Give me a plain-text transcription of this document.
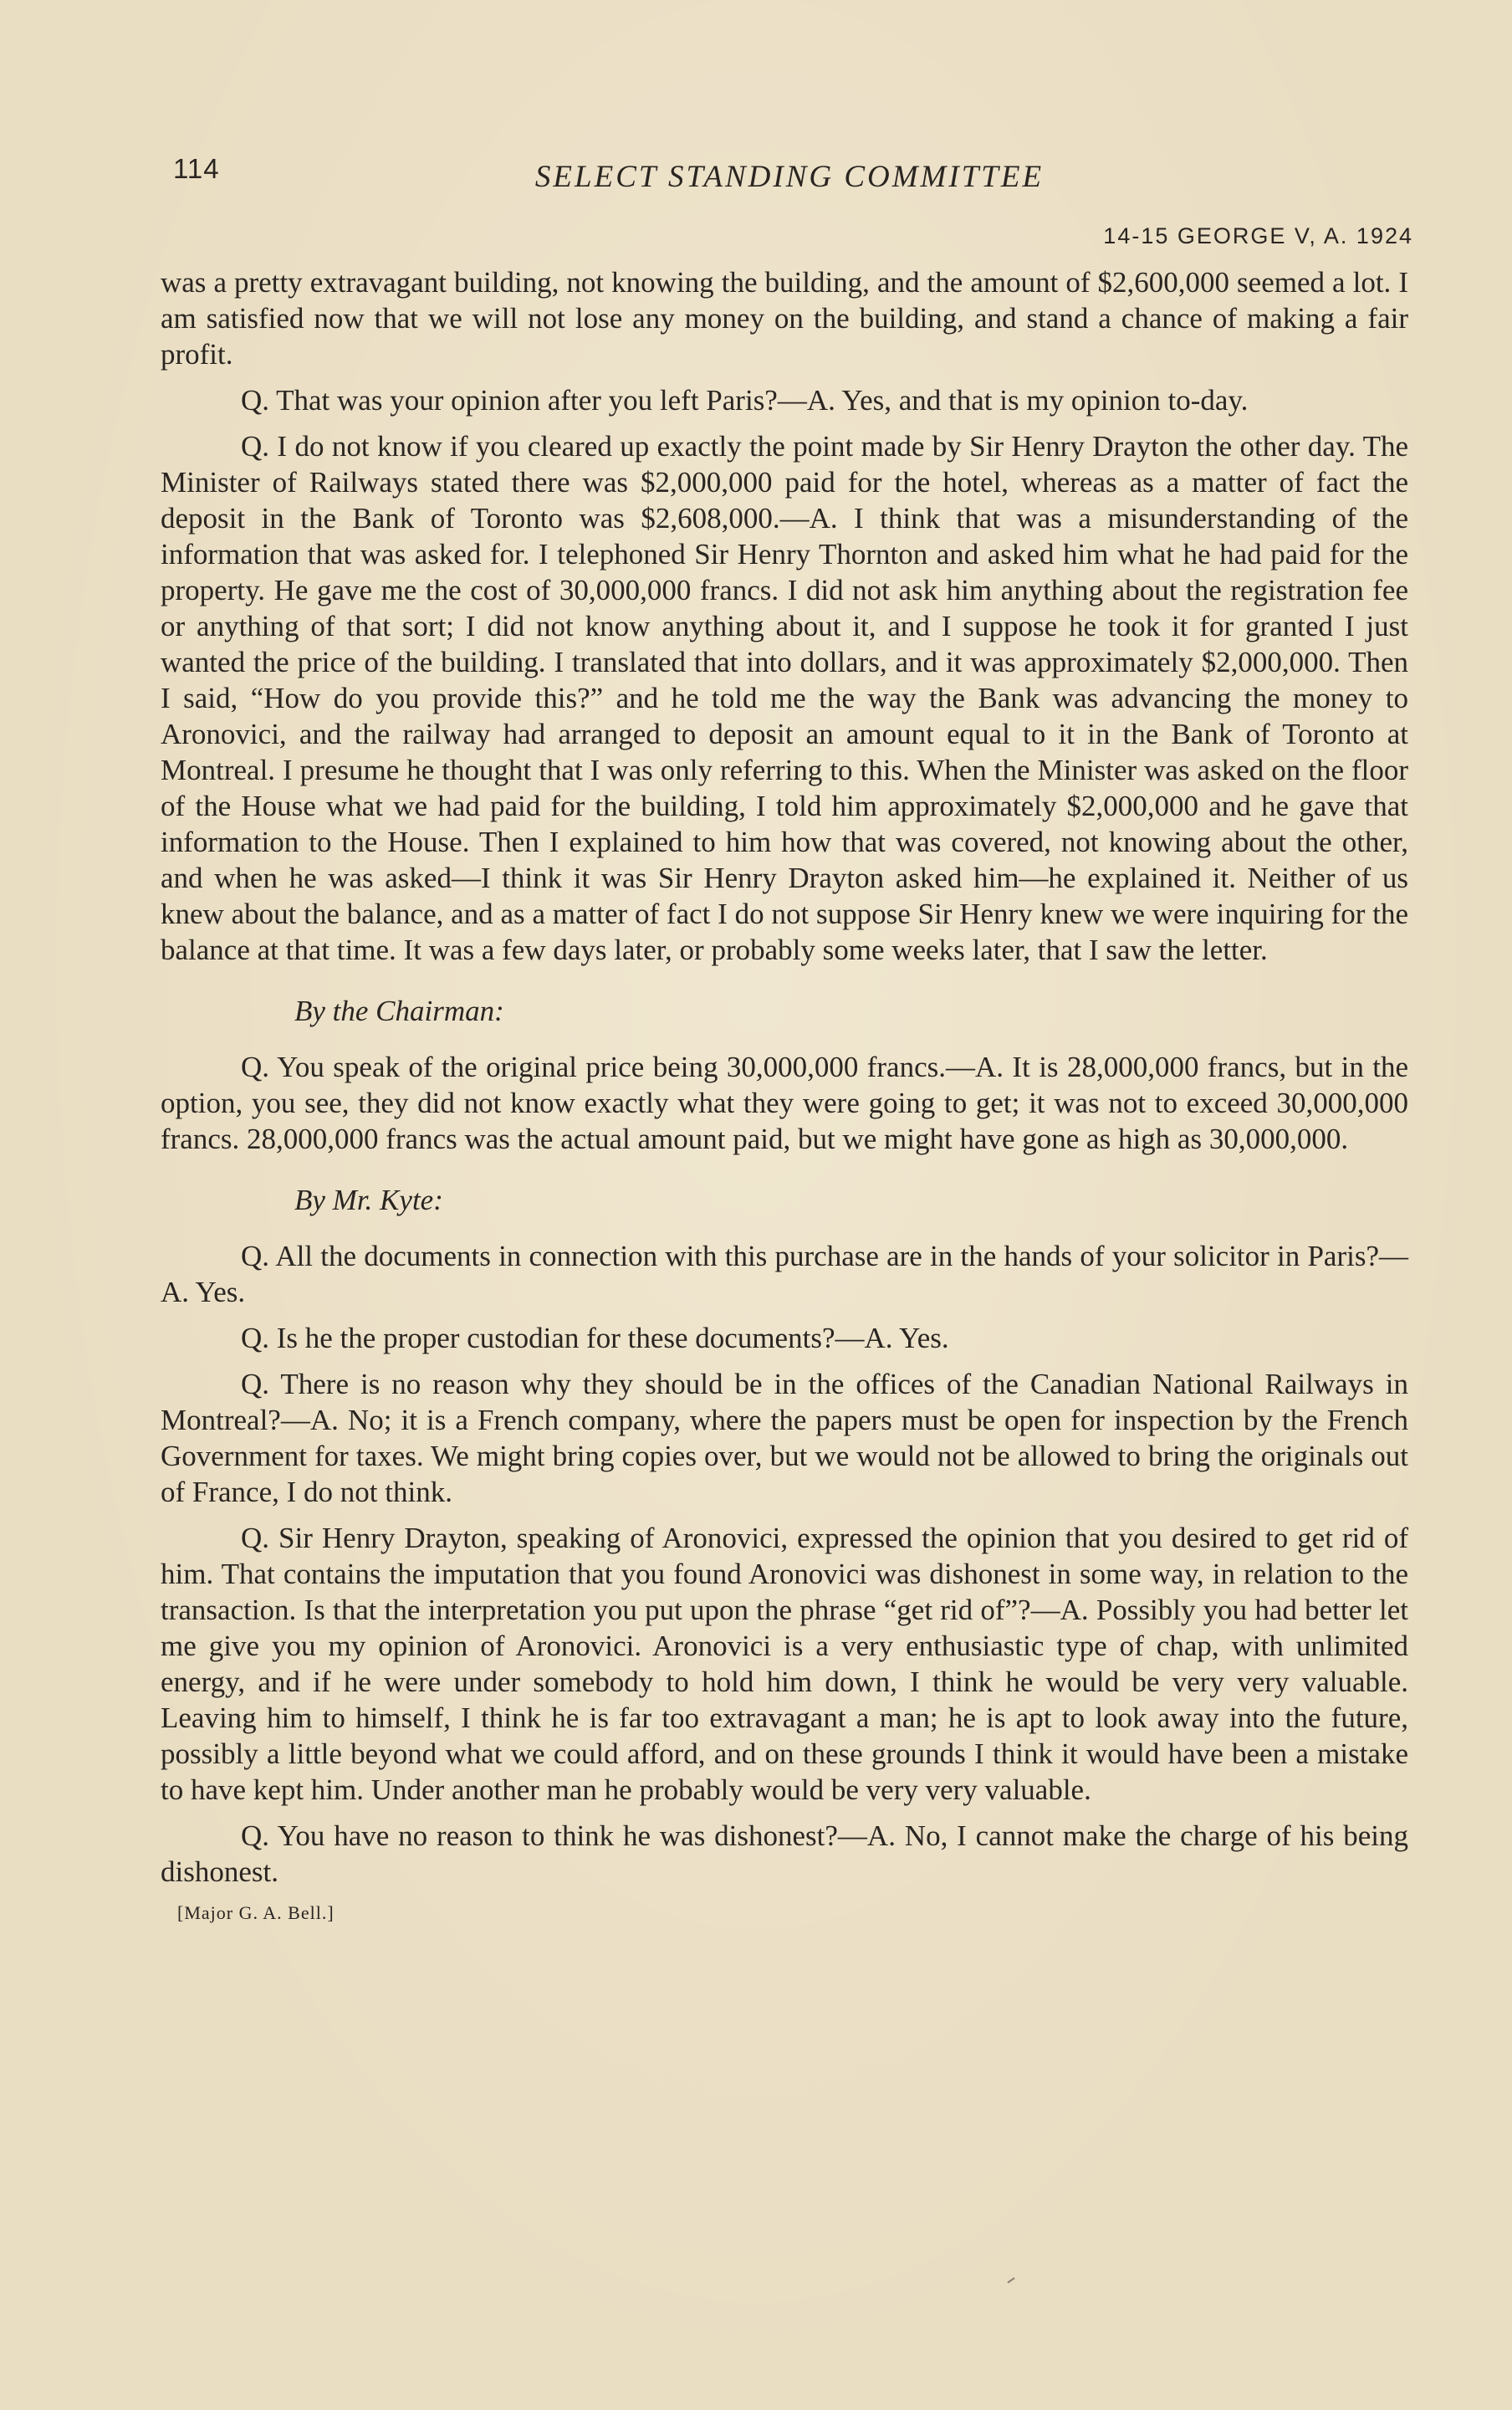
114	SELECT STANDING COMMITTEE
14-15 GEORGE V, A. 1924

was a pretty extravagant building, not knowing the building, and the amount of $2,600,000 seemed a lot. I am satisfied now that we will not lose any money on the building, and stand a chance of making a fair profit.

Q. That was your opinion after you left Paris?—A. Yes, and that is my opinion to-day.

Q. I do not know if you cleared up exactly the point made by Sir Henry Drayton the other day. The Minister of Railways stated there was $2,000,000 paid for the hotel, whereas as a matter of fact the deposit in the Bank of Toronto was $2,608,000.—A. I think that was a misunderstanding of the information that was asked for. I telephoned Sir Henry Thornton and asked him what he had paid for the property. He gave me the cost of 30,000,000 francs. I did not ask him anything about the registration fee or anything of that sort; I did not know anything about it, and I suppose he took it for granted I just wanted the price of the building. I translated that into dollars, and it was approximately $2,000,000. Then I said, “How do you provide this?” and he told me the way the Bank was advancing the money to Aronovici, and the railway had arranged to deposit an amount equal to it in the Bank of Toronto at Montreal. I presume he thought that I was only referring to this. When the Minister was asked on the floor of the House what we had paid for the building, I told him approximately $2,000,000 and he gave that information to the House. Then I explained to him how that was covered, not knowing about the other, and when he was asked—I think it was Sir Henry Drayton asked him—he explained it. Neither of us knew about the balance, and as a matter of fact I do not suppose Sir Henry knew we were inquiring for the balance at that time. It was a few days later, or probably some weeks later, that I saw the letter.

By the Chairman:

Q. You speak of the original price being 30,000,000 francs.—A. It is 28,000,000 francs, but in the option, you see, they did not know exactly what they were going to get; it was not to exceed 30,000,000 francs. 28,000,000 francs was the actual amount paid, but we might have gone as high as 30,000,000.

By Mr. Kyte:

Q. All the documents in connection with this purchase are in the hands of your solicitor in Paris?—A. Yes.

Q. Is he the proper custodian for these documents?—A. Yes.

Q. There is no reason why they should be in the offices of the Canadian National Railways in Montreal?—A. No; it is a French company, where the papers must be open for inspection by the French Government for taxes. We might bring copies over, but we would not be allowed to bring the originals out of France, I do not think.

Q. Sir Henry Drayton, speaking of Aronovici, expressed the opinion that you desired to get rid of him. That contains the imputation that you found Aronovici was dishonest in some way, in relation to the transaction. Is that the interpretation you put upon the phrase “get rid of”?—A. Possibly you had better let me give you my opinion of Aronovici. Aronovici is a very enthusiastic type of chap, with unlimited energy, and if he were under somebody to hold him down, I think he would be very very valuable. Leaving him to himself, I think he is far too extravagant a man; he is apt to look away into the future, possibly a little beyond what we could afford, and on these grounds I think it would have been a mistake to have kept him. Under another man he probably would be very very valuable.

Q. You have no reason to think he was dishonest?—A. No, I cannot make the charge of his being dishonest.

[Major G. A. Bell.]
